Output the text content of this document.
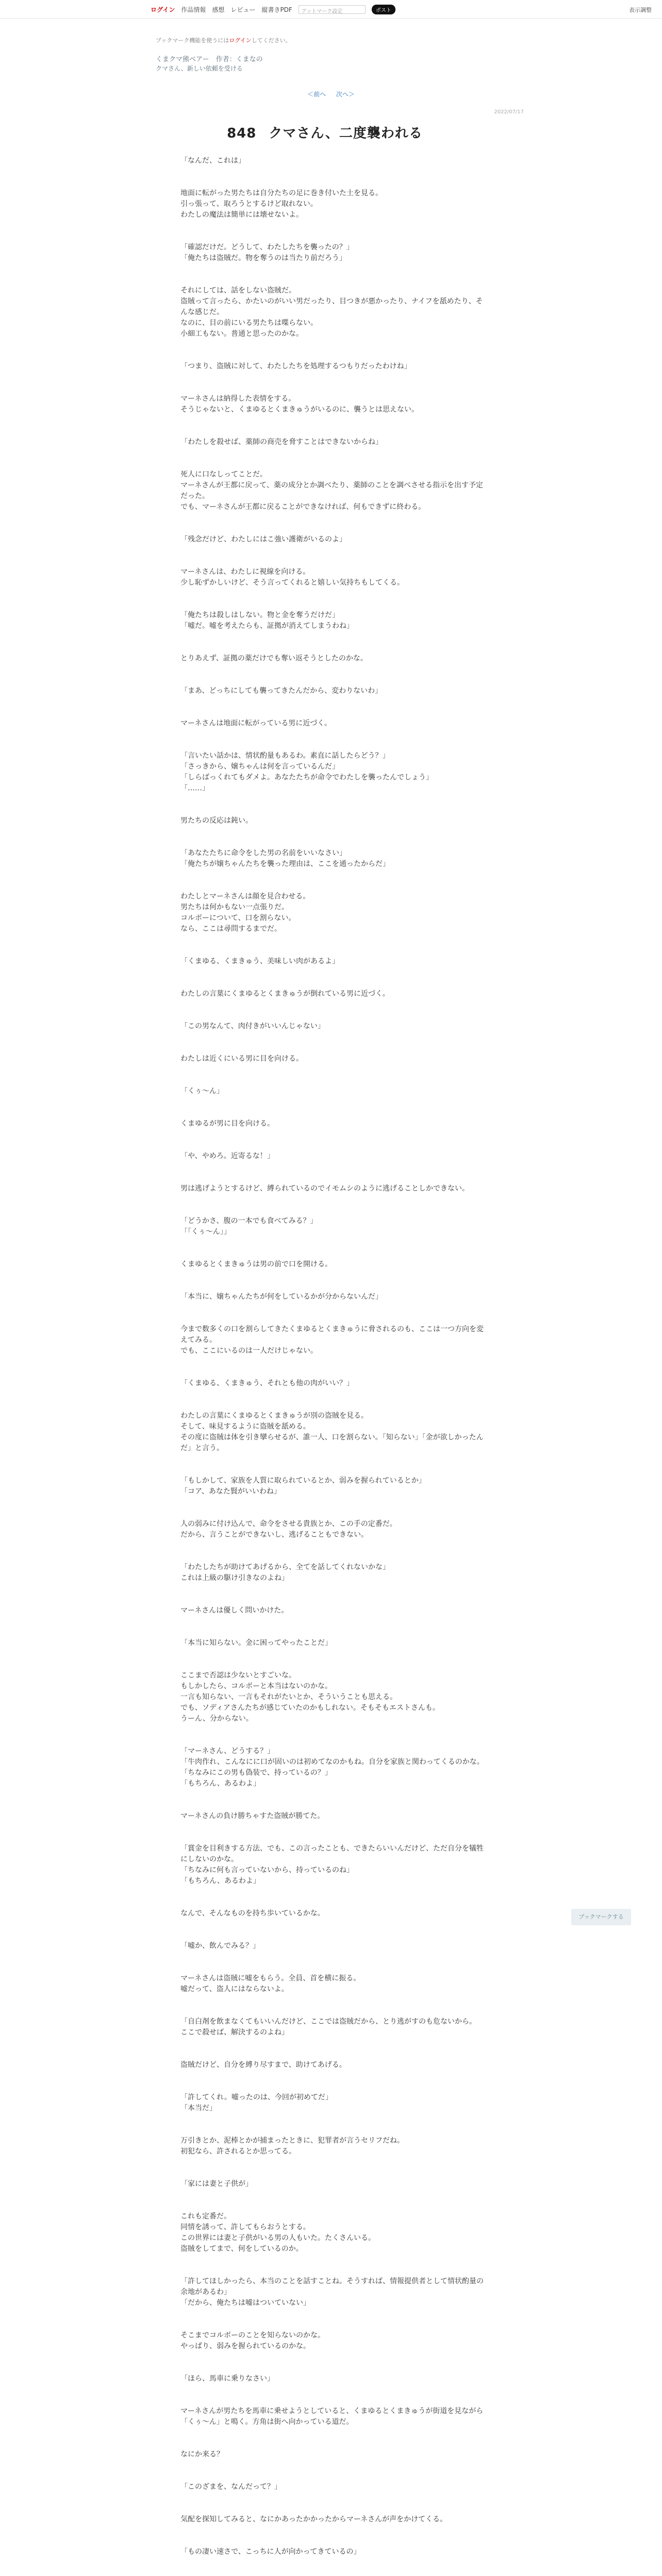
ログイン 作品情報 感想 レビュー 縦書きPDF	アットマーク設定	ポスト	表示調整
ブックマーク機能を使うにはログインしてください。
くまクマ熊ベアー　作者：くまなの
クマさん、新しい依頼を受ける
＜前へ 次へ＞
2022/07/17
848 クマさん、二度襲われる
「なんだ、これは」
地面に転がった男たちは自分たちの足に巻き付いた土を見る。
引っ張って、取ろうとするけど取れない。
わたしの魔法は簡単には壊せないよ。
「確認だけだ。どうして、わたしたちを襲ったの？」
「俺たちは盗賊だ。物を奪うのは当たり前だろう」
それにしては、話をしない盗賊だ。
盗賊って言ったら、かたいのがいい男だったり、目つきが悪かったり、ナイフを舐めたり、そんな感じだ。
なのに、目の前にいる男たちは喋らない。
小細工もない。普通と思ったのかな。
「つまり、盗賊に対して、わたしたちを処理するつもりだったわけね」
マーネさんは納得した表情をする。
そうじゃないと、くまゆるとくまきゅうがいるのに、襲うとは思えない。
「わたしを殺せば、薬師の商売を脅すことはできないからね」
死人に口なしってことだ。
マーネさんが王都に戻って、薬の成分とか調べたり、薬師のことを調べさせる指示を出す予定だった。
でも、マーネさんが王都に戻ることができなければ、何もできずに終わる。
「残念だけど、わたしにはこ強い護衛がいるのよ」
マーネさんは、わたしに視線を向ける。
少し恥ずかしいけど、そう言ってくれると嬉しい気持ちもしてくる。
「俺たちは殺しはしない。物と金を奪うだけだ」
「嘘だ。嘘を考えたらも、証拠が消えてしまうわね」
とりあえず、証拠の薬だけでも奪い返そうとしたのかな。
「まあ、どっちにしても襲ってきたんだから、変わりないわ」
マーネさんは地面に転がっている男に近づく。
「言いたい話かは、情状酌量もあるわ。素直に話したらどう？」
「さっきから、嬢ちゃんは何を言っているんだ」
「しらばっくれてもダメよ。あなたたちが命令でわたしを襲ったんでしょう」
「……」
男たちの反応は鈍い。
「あなたたちに命令をした男の名前をいいなさい」
「俺たちが嬢ちゃんたちを襲った理由は、ここを通ったからだ」
わたしとマーネさんは顔を見合わせる。
男たちは何かもない一点張りだ。
コルボーについて、口を割らない。
なら、ここは尋問するまでだ。
「くまゆる、くまきゅう、美味しい肉があるよ」
わたしの言葉にくまゆるとくまきゅうが倒れている男に近づく。
「この男なんて、肉付きがいいんじゃない」
わたしは近くにいる男に目を向ける。
「くぅ〜ん」
くまゆるが男に目を向ける。
「や、やめろ。近寄るな！」
男は逃げようとするけど、縛られているのでイモムシのように逃げることしかできない。
「どうかさ、腹の一本でも食べてみる？」
「「くぅ〜ん」」
くまゆるとくまきゅうは男の前で口を開ける。
「本当に、嬢ちゃんたちが何をしているかが分からないんだ」
今まで数多くの口を割らしてきたくまゆるとくまきゅうに脅されるのも、ここは一つ方向を変えてみる。
でも、ここにいるのは一人だけじゃない。
「くまゆる、くまきゅう、それとも他の肉がいい？」
わたしの言葉にくまゆるとくまきゅうが別の盗賊を見る。
そして、味見するように盗賊を舐める。
その度に盗賊は体を引き攣らせるが、誰一人、口を割らない。「知らない」「金が欲しかったんだ」と言う。
「もしかして、家族を人質に取られているとか、弱みを握られているとか」
「コア、あなた賢がいいわね」
人の弱みに付け込んで、命令をさせる貴族とか、この手の定番だ。
だから、言うことができないし、逃げることもできない。
「わたしたちが助けてあげるから、全てを話してくれないかな」
これは上級の駆け引きなのよね」
マーネさんは優しく問いかけた。
「本当に知らない。金に困ってやったことだ」
ここまで否認は少ないとすごいな。
もしかしたら、コルボーと本当はないのかな。
一言も知らない、一言もそれがたいとか、そういうことも思える。
でも、ソディアさんたちが感じていたのかもしれない。そもそもエストさんも。
うーん、分からない。
「マーネさん、どうする？」
「牛肉作れ、こんなにに口が固いのは初めてなのかもね。自分を家族と関わってくるのかな。
「ちなみにこの男も偽装で、持っているの？」
「もちろん、あるわよ」
マーネさんの負け勝ちゃすた盗賊が勝てた。
「賞金を目利きする方法、でも、この言ったことも、できたらいいんだけど、ただ自分を犠牲にしないのかな。
「ちなみに何も言っていないから、持っているのね」
「もちろん、あるわよ」
なんで、そんなものを持ち歩いているかな。
「嘘か、飲んでみる？」
マーネさんは盗賊に嘘をもらう。全員、首を横に振る。
嘘だって、盗人にはならないよ。
「自白剤を飲まなくてもいいんだけど、ここでは盗賊だから、とり逃がすのも危ないから。
ここで殺せば、解決するのよね」
盗賊だけど、自分を縛り尽すまで、助けてあげる。
「許してくれ。嘘ったのは、今回が初めてだ」
「本当だ」
万引きとか、泥棒とかが捕まったときに、犯罪者が言うセリフだね。
初犯なら、許されるとか思ってる。
「家には妻と子供が」
これも定番だ。
同情を誘って、許してもらおうとする。
この世界には妻と子供がいる男の人もいた。たくさんいる。
盗賊をしてまで、何をしているのか。
「許してほしかったら、本当のことを話すことね。そうすれば、情報提供者として情状酌量の余地があるわ」
「だから、俺たちは嘘はついていない」
そこまでコルボーのことを知らないのかな。
やっぱり、弱みを握られているのかな。
「ほら、馬車に乗りなさい」
マーネさんが男たちを馬車に乗せようとしていると、くまゆるとくまきゅうが街道を見ながら「くぅ〜ん」と鳴く。方角は街へ向かっている道だ。
なにか来る？
「このざまを、なんだって？」
気配を探知してみると、なにかあったかかったからマーネさんが声をかけてくる。
「もの凄い速さで、こっちに人が向かってきているの」
ブックマークする
